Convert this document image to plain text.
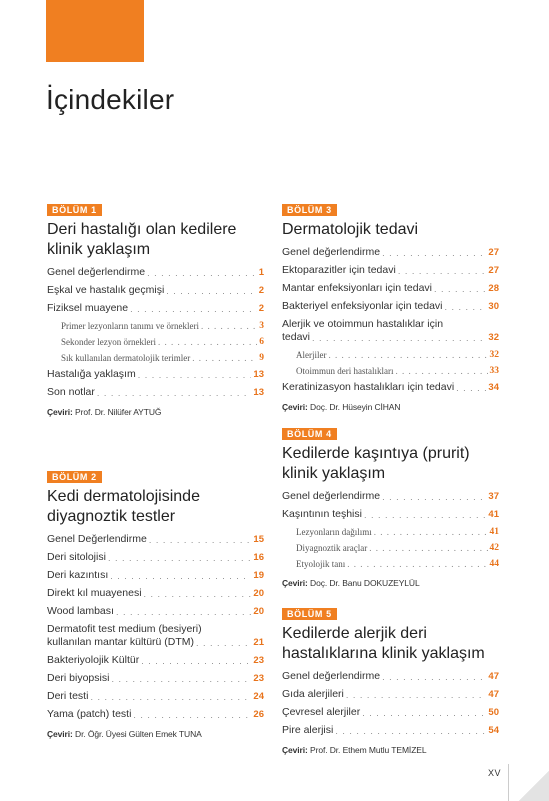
İçindekiler
BÖLÜM 1
Deri hastalığı olan kedilere klinik yaklaşım
Genel değerlendirme . . .	1
Eşkal ve hastalık geçmişi . . .	2
Fiziksel muayene . . .	2
Primer lezyonların tanımı ve örnekleri . . .	3
Sekonder lezyon örnekleri . . .	6
Sık kullanılan dermatolojik terimler . . .	9
Hastalığa yaklaşım . . .	13
Son notlar . . .	13
Çeviri: Prof. Dr. Nilüfer AYTUĞ
BÖLÜM 2
Kedi dermatolojisinde diyagnoztik testler
Genel Değerlendirme . . .	15
Deri sitolojisi . . .	16
Deri kazıntısı . . .	19
Direkt kıl muayenesi . . .	20
Wood lambası . . .	20
Dermatofit test medium (besiyeri)
kullanılan mantar kültürü (DTM) . . .	21
Bakteriyolojik Kültür . . .	23
Deri biyopsisi . . .	23
Deri testi . . .	24
Yama (patch) testi . . .	26
Çeviri: Dr. Öğr. Üyesi Gülten Emek TUNA
BÖLÜM 3
Dermatolojik tedavi
Genel değerlendirme . . .	27
Ektoparazitler için tedavi . . .	27
Mantar enfeksiyonları için tedavi . . .	28
Bakteriyel enfeksiyonlar için tedavi . . .	30
Alerjik ve otoimmun hastalıklar için
tedavi . . .	32
Alerjiler . . .	32
Otoimmun deri hastalıkları . . .	33
Keratinizasyon hastalıkları için tedavi . . .	34
Çeviri: Doç. Dr. Hüseyin CİHAN
BÖLÜM 4
Kedilerde kaşıntıya (prurit) klinik yaklaşım
Genel değerlendirme . . .	37
Kaşıntının teşhisi . . .	41
Lezyonların dağılımı . . .	41
Diyagnoztik araçlar . . .	42
Etyolojik tanı . . .	44
Çeviri: Doç. Dr. Banu DOKUZEYLÜL
BÖLÜM 5
Kedilerde alerjik deri hastalıklarına klinik yaklaşım
Genel değerlendirme . . .	47
Gıda alerjileri . . .	47
Çevresel alerjiler . . .	50
Pire alerjisi . . .	54
Çeviri: Prof. Dr. Ethem Mutlu TEMİZEL
XV
